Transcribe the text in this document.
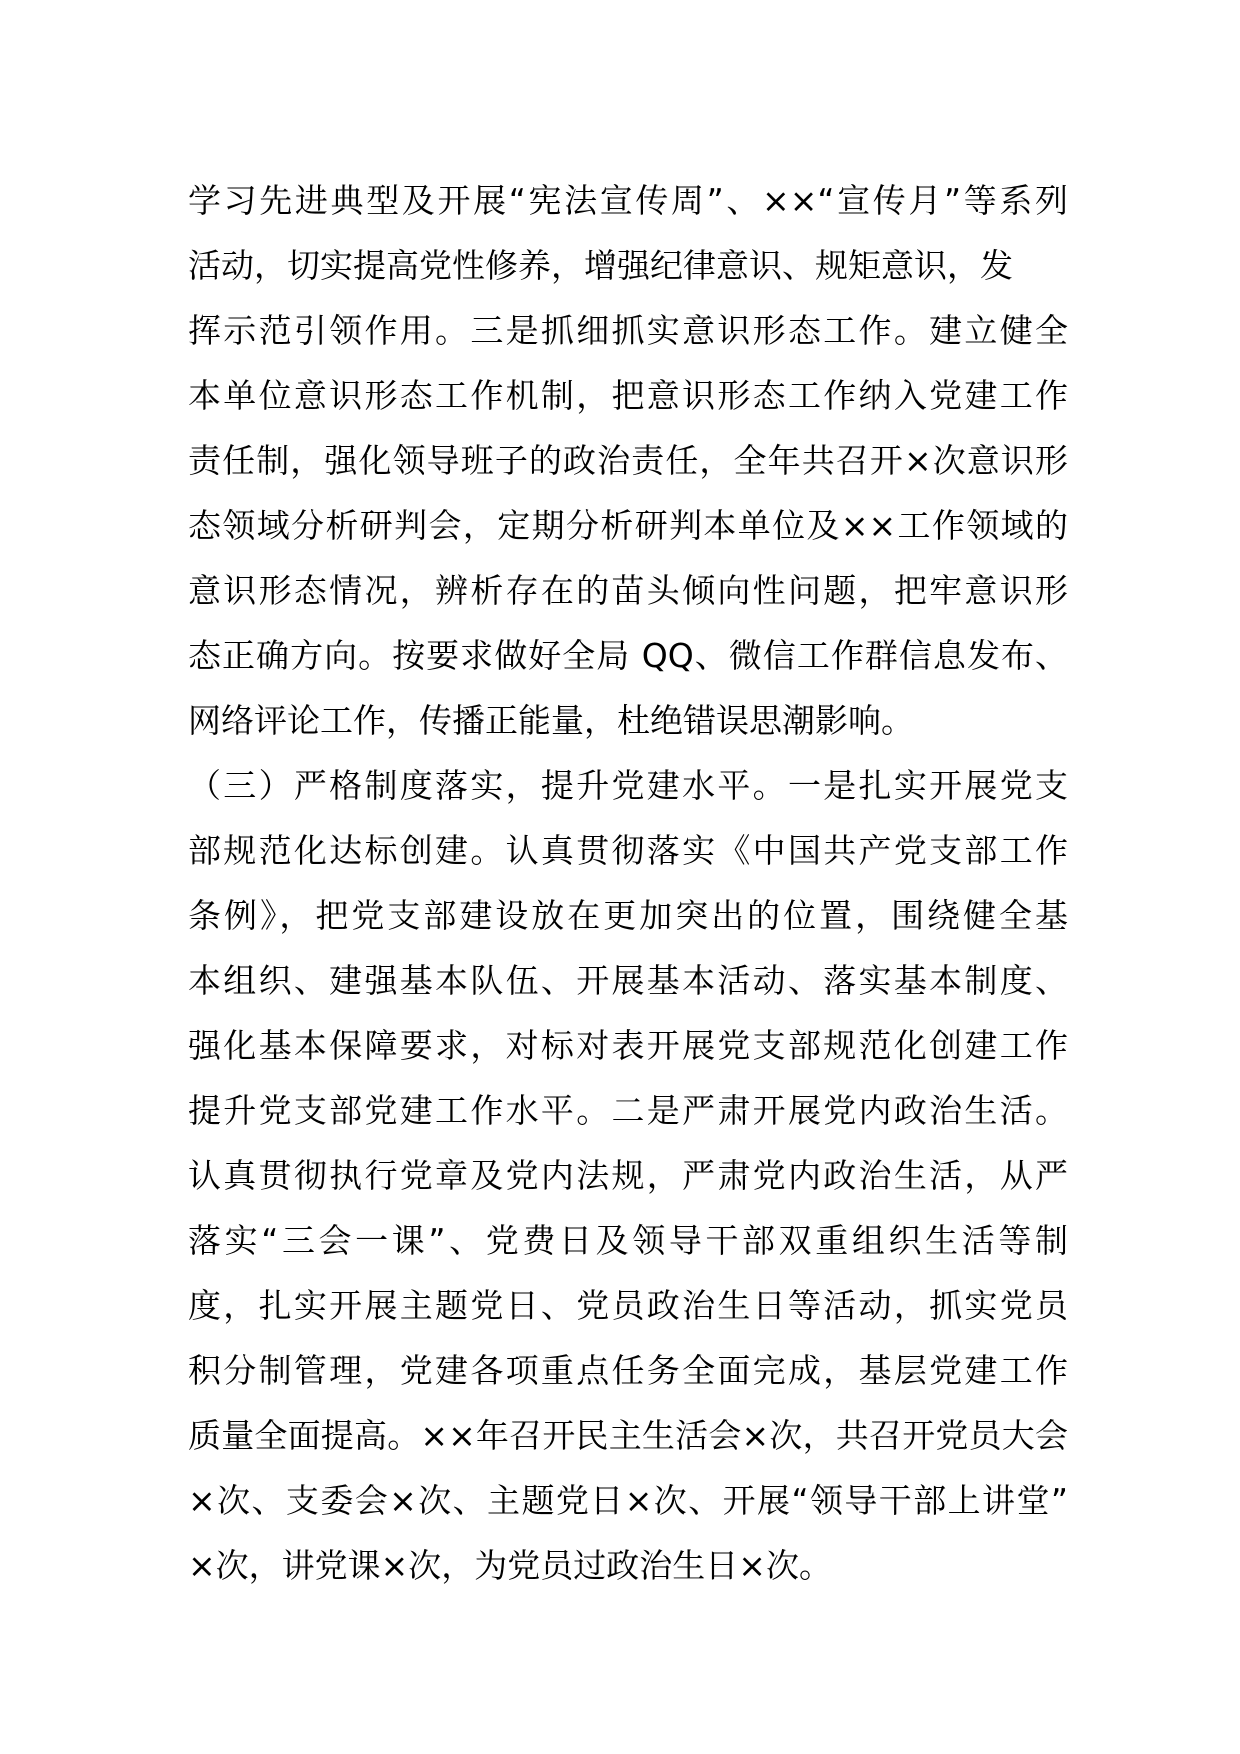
学习先进典型及开展“宪法宣传周”、××“宣传月”等系列
活动，切实提高党性修养，增强纪律意识、规矩意识，发
挥示范引领作用。三是抓细抓实意识形态工作。建立健全
本单位意识形态工作机制，把意识形态工作纳入党建工作
责任制，强化领导班子的政治责任，全年共召开×次意识形
态领域分析研判会，定期分析研判本单位及××工作领域的
意识形态情况，辨析存在的苗头倾向性问题，把牢意识形
态正确方向。按要求做好全局 QQ、微信工作群信息发布、
网络评论工作，传播正能量，杜绝错误思潮影响。
（三）严格制度落实，提升党建水平。一是扎实开展党支
部规范化达标创建。认真贯彻落实《中国共产党支部工作
条例》，把党支部建设放在更加突出的位置，围绕健全基
本组织、建强基本队伍、开展基本活动、落实基本制度、
强化基本保障要求，对标对表开展党支部规范化创建工作
提升党支部党建工作水平。二是严肃开展党内政治生活。
认真贯彻执行党章及党内法规，严肃党内政治生活，从严
落实“三会一课”、党费日及领导干部双重组织生活等制
度，扎实开展主题党日、党员政治生日等活动，抓实党员
积分制管理，党建各项重点任务全面完成，基层党建工作
质量全面提高。××年召开民主生活会×次，共召开党员大会
×次、支委会×次、主题党日×次、开展“领导干部上讲堂”
×次，讲党课×次，为党员过政治生日×次。
